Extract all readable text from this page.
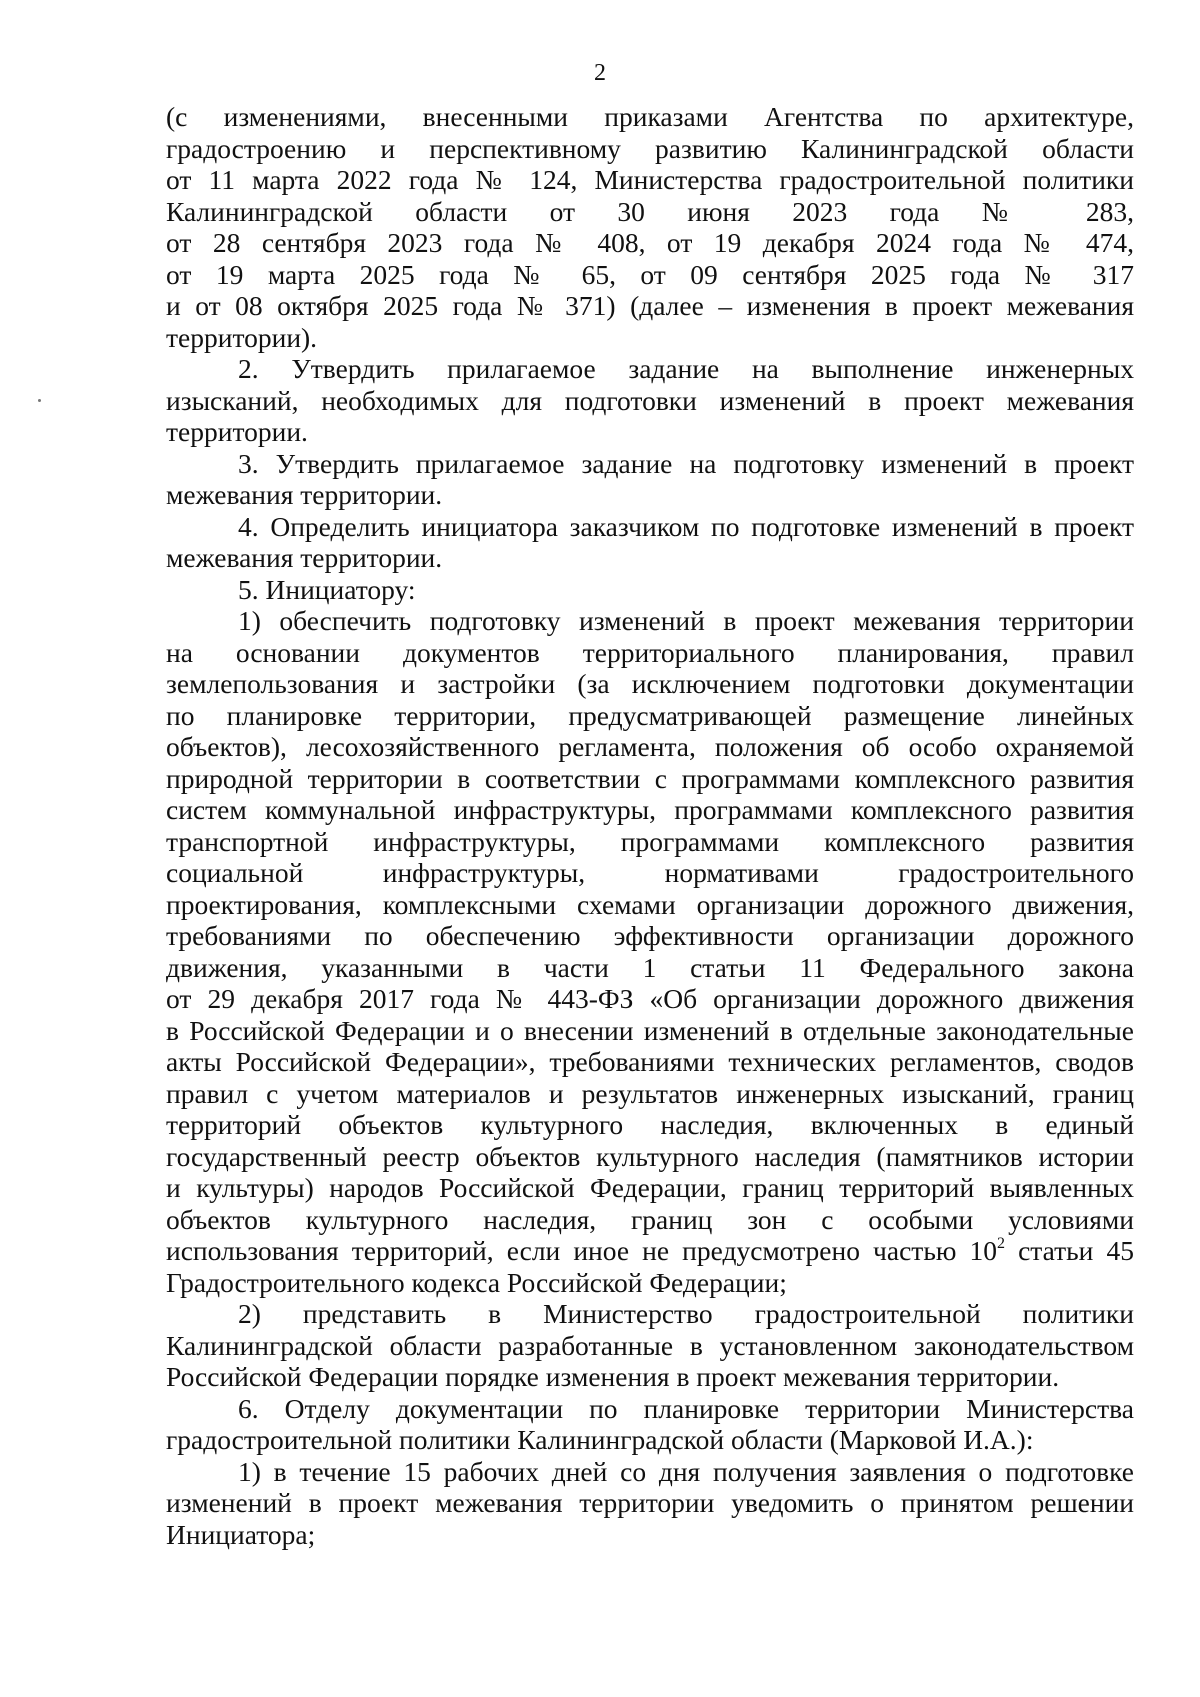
2

(с изменениями, внесенными приказами Агентства по архитектуре,
градостроению и перспективному развитию Калининградской области
от 11 марта 2022 года № 124, Министерства градостроительной политики
Калининградской области от 30 июня 2023 года № 283,
от 28 сентября 2023 года № 408, от 19 декабря 2024 года № 474,
от 19 марта 2025 года № 65, от 09 сентября 2025 года № 317
и от 08 октября 2025 года № 371) (далее – изменения в проект межевания
территории).

2. Утвердить прилагаемое задание на выполнение инженерных
изысканий, необходимых для подготовки изменений в проект межевания
территории.

3. Утвердить прилагаемое задание на подготовку изменений в проект
межевания территории.

4. Определить инициатора заказчиком по подготовке изменений в проект
межевания территории.

5. Инициатору:

1) обеспечить подготовку изменений в проект межевания территории
на основании документов территориального планирования, правил
землепользования и застройки (за исключением подготовки документации
по планировке территории, предусматривающей размещение линейных
объектов), лесохозяйственного регламента, положения об особо охраняемой
природной территории в соответствии с программами комплексного развития
систем коммунальной инфраструктуры, программами комплексного развития
транспортной инфраструктуры, программами комплексного развития
социальной инфраструктуры, нормативами градостроительного
проектирования, комплексными схемами организации дорожного движения,
требованиями по обеспечению эффективности организации дорожного
движения, указанными в части 1 статьи 11 Федерального закона
от 29 декабря 2017 года № 443-ФЗ «Об организации дорожного движения
в Российской Федерации и о внесении изменений в отдельные законодательные
акты Российской Федерации», требованиями технических регламентов, сводов
правил с учетом материалов и результатов инженерных изысканий, границ
территорий объектов культурного наследия, включенных в единый
государственный реестр объектов культурного наследия (памятников истории
и культуры) народов Российской Федерации, границ территорий выявленных
объектов культурного наследия, границ зон с особыми условиями
использования территорий, если иное не предусмотрено частью $10^2$ статьи 45
Градостроительного кодекса Российской Федерации;

2) представить в Министерство градостроительной политики
Калининградской области разработанные в установленном законодательством
Российской Федерации порядке изменения в проект межевания территории.

6. Отделу документации по планировке территории Министерства
градостроительной политики Калининградской области (Марковой И.А.):

1) в течение 15 рабочих дней со дня получения заявления о подготовке
изменений в проект межевания территории уведомить о принятом решении
Инициатора;
